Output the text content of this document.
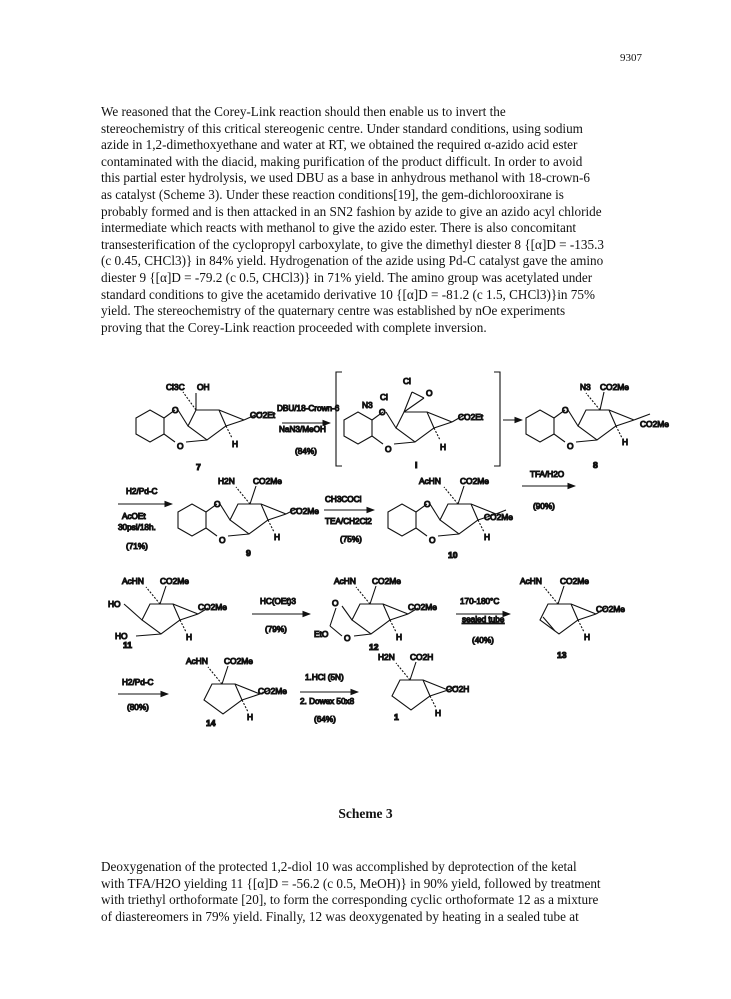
9307

We reasoned that the Corey-Link reaction should then enable us to invert the
stereochemistry of this critical stereogenic centre. Under standard conditions, using sodium
azide in 1,2-dimethoxyethane and water at RT, we obtained the required α-azido acid ester
contaminated with the diacid, making purification of the product difficult. In order to avoid
this partial ester hydrolysis, we used DBU as a base in anhydrous methanol with 18-crown-6
as catalyst (Scheme 3). Under these reaction conditions[19], the gem-dichlorooxirane is
probably formed and is then attacked in an SN2 fashion by azide to give an azido acyl chloride
intermediate which reacts with methanol to give the azido ester. There is also concomitant
transesterification of the cyclopropyl carboxylate, to give the dimethyl diester 8 {[α]D = -135.3
(c 0.45, CHCl3)} in 84% yield. Hydrogenation of the azide using Pd-C catalyst gave the amino
diester 9 {[α]D = -79.2 (c 0.5, CHCl3)} in 71% yield. The amino group was acetylated under
standard conditions to give the acetamido derivative 10 {[α]D = -81.2 (c 1.5, CHCl3)}in 75%
yield. The stereochemistry of the quaternary centre was established by nOe experiments
proving that the Corey-Link reaction proceeded with complete inversion.

Cl3C OH
O
O
CO2Et
H
7
DBU/18-Crown-6
NaN3/MeOH
(84%)
Cl
Cl
N3
O
O
O
CO2Et
H
I
N3 CO2Me
O
O
CO2Me
H
8
H2/Pd-C
AcOEt
30psi/18h.
(71%)
H2N CO2Me
O
O
CO2Me
H
9
CH3COCl
TEA/CH2Cl2
(75%)
AcHN CO2Me
O
O
CO2Me
H
10
TFA/H2O
(90%)
AcHN CO2Me
HO
HO
CO2Me
H
11
HC(OEt)3
(79%)
AcHN CO2Me
O
O
EtO
CO2Me
H
12
170-180°C
sealed tube
(40%)
AcHN CO2Me
CO2Me
H
13
H2/Pd-C
(80%)
AcHN CO2Me
CO2Me
H
14
1.HCl (5N)
2. Dowex 50x8
(64%)
H2N CO2H
CO2H
H
1
Scheme 3

Deoxygenation of the protected 1,2-diol 10 was accomplished by deprotection of the ketal
with TFA/H2O yielding 11 {[α]D = -56.2 (c 0.5, MeOH)} in 90% yield, followed by treatment
with triethyl orthoformate [20], to form the corresponding cyclic orthoformate 12 as a mixture
of diastereomers in 79% yield. Finally, 12 was deoxygenated by heating in a sealed tube at
